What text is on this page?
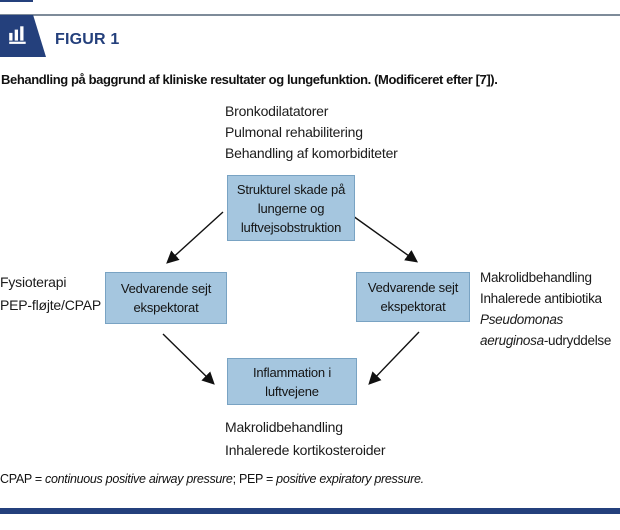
FIGUR 1
Behandling på baggrund af kliniske resultater og lungefunktion. (Modificeret efter [7]).
Bronkodilatatorer
Pulmonal rehabilitering
Behandling af komorbiditeter
Fysioterapi
PEP-fløjte/CPAP
Makrolidbehandling
Inhalerede antibiotika
Pseudomonas
aeruginosa-udryddelse
Makrolidbehandling
Inhalerede kortikosteroider
Strukturel skade på
lungerne og
luftvejsobstruktion
Vedvarende sejt
ekspektorat
Vedvarende sejt
ekspektorat
Inflammation i
luftvejene
CPAP = continuous positive airway pressure; PEP = positive expiratory pressure.
